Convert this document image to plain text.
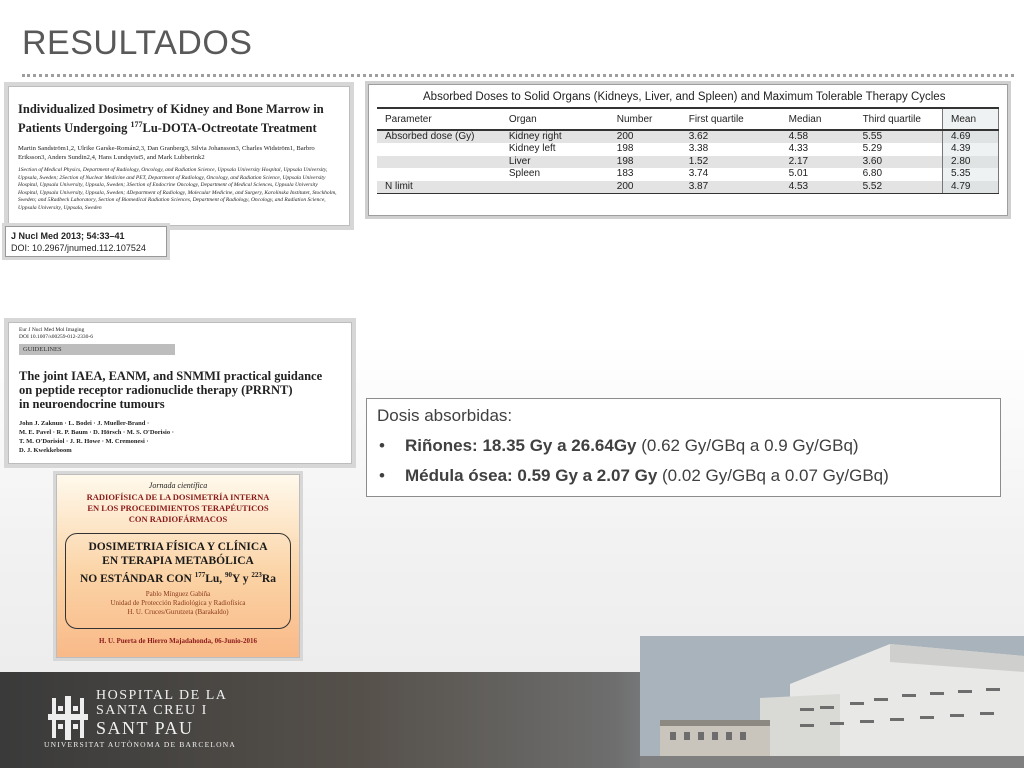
RESULTADOS
Individualized Dosimetry of Kidney and Bone Marrow in
Patients Undergoing $^{177}$Lu-DOTA-Octreotate Treatment
Martin Sandström1,2, Ulrike Garske-Román2,3, Dan Granberg3, Silvia Johansson3, Charles Widström1, Barbro Eriksson3, Anders Sundin2,4, Hans Lundqvist5, and Mark Lubberink2
1Section of Medical Physics, Department of Radiology, Oncology, and Radiation Science, Uppsala University Hospital, Uppsala University, Uppsala, Sweden; 2Section of Nuclear Medicine and PET, Department of Radiology, Oncology, and Radiation Science, Uppsala University Hospital, Uppsala University, Uppsala, Sweden; 3Section of Endocrine Oncology, Department of Medical Sciences, Uppsala University Hospital, Uppsala University, Uppsala, Sweden; 4Department of Radiology, Molecular Medicine, and Surgery, Karolinska Institutet, Stockholm, Sweden; and 5Radbeck Laboratory, Section of Biomedical Radiation Sciences, Department of Radiology, Oncology, and Radiation Science, Uppsala University, Uppsala, Sweden
J Nucl Med 2013; 54:33–41
DOI: 10.2967/jnumed.112.107524
Eur J Nucl Med Mol Imaging
DOI 10.1007/s00259-012-2330-6
GUIDELINES
The joint IAEA, EANM, and SNMMI practical guidance
on peptide receptor radionuclide therapy (PRRNT)
in neuroendocrine tumours
John J. Zaknun · L. Bodei · J. Mueller-Brand ·
M. E. Pavel · R. P. Baum · D. Hörsch · M. S. O'Dorisio ·
T. M. O'Dorisiol · J. R. Howe · M. Cremonesi ·
D. J. Kwekkeboom
Jornada científica
RADIOFÍSICA DE LA DOSIMETRÍA INTERNA
EN LOS PROCEDIMIENTOS TERAPÉUTICOS
CON RADIOFÁRMACOS
DOSIMETRIA FÍSICA Y CLÍNICA
EN TERAPIA METABÓLICA
NO ESTÁNDAR CON $^{177}$Lu, $^{90}$Y y $^{223}$Ra
Pablo Mínguez Gabiña
Unidad de Protección Radiológica y Radiofísica
H. U. Cruces/Gurutzeta (Barakaldo)
H. U. Puerta de Hierro Majadahonda, 06-Junio-2016
Absorbed Doses to Solid Organs (Kidneys, Liver, and Spleen) and Maximum Tolerable Therapy Cycles
Parameter	Organ	Number	First quartile	Median	Third quartile	Mean
Absorbed dose (Gy)	Kidney right	200	3.62	4.58	5.55	4.69
	Kidney left	198	3.38	4.33	5.29	4.39
	Liver	198	1.52	2.17	3.60	2.80
	Spleen	183	3.74	5.01	6.80	5.35
N limit		200	3.87	4.53	5.52	4.79
Dosis absorbidas:
• Riñones: 18.35 Gy a 26.64Gy (0.62 Gy/GBq a 0.9 Gy/GBq)
• Médula ósea: 0.59 Gy a 2.07 Gy (0.02 Gy/GBq a 0.07 Gy/GBq)
HOSPITAL DE LA
SANTA CREU I
SANT PAU
UNIVERSITAT AUTÒNOMA DE BARCELONA
